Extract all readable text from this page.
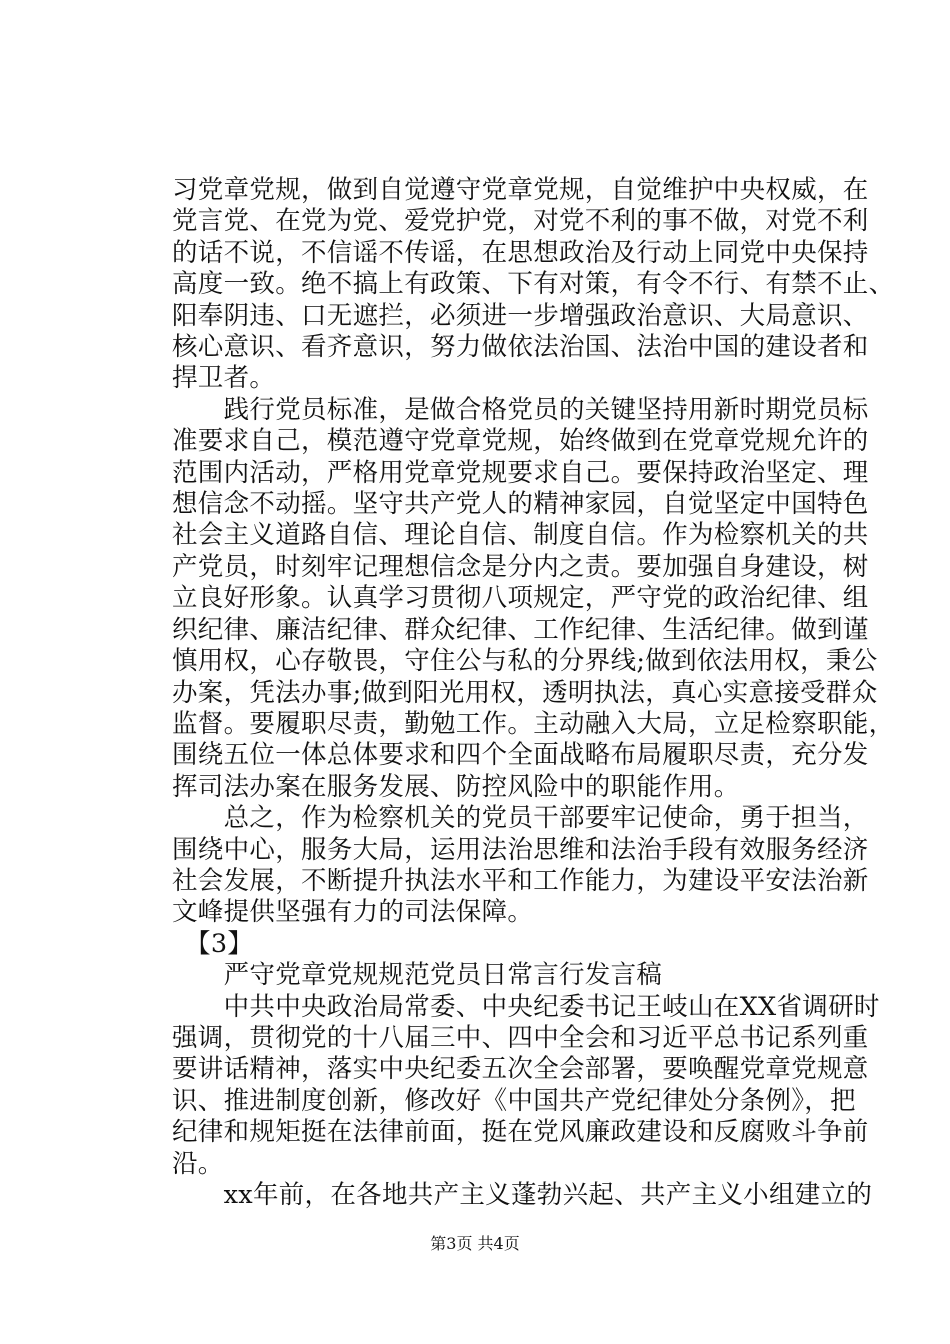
习党章党规，做到自觉遵守党章党规，自觉维护中央权威，在
党言党、在党为党、爱党护党，对党不利的事不做，对党不利
的话不说，不信谣不传谣，在思想政治及行动上同党中央保持
高度一致。绝不搞上有政策、下有对策，有令不行、有禁不止、
阳奉阴违、口无遮拦，必须进一步增强政治意识、大局意识、
核心意识、看齐意识，努力做依法治国、法治中国的建设者和
捍卫者。
　　践行党员标准，是做合格党员的关键坚持用新时期党员标
准要求自己，模范遵守党章党规，始终做到在党章党规允许的
范围内活动，严格用党章党规要求自己。要保持政治坚定、理
想信念不动摇。坚守共产党人的精神家园，自觉坚定中国特色
社会主义道路自信、理论自信、制度自信。作为检察机关的共
产党员，时刻牢记理想信念是分内之责。要加强自身建设，树
立良好形象。认真学习贯彻八项规定，严守党的政治纪律、组
织纪律、廉洁纪律、群众纪律、工作纪律、生活纪律。做到谨
慎用权，心存敬畏，守住公与私的分界线;做到依法用权，秉公
办案，凭法办事;做到阳光用权，透明执法，真心实意接受群众
监督。要履职尽责，勤勉工作。主动融入大局，立足检察职能，
围绕五位一体总体要求和四个全面战略布局履职尽责，充分发
挥司法办案在服务发展、防控风险中的职能作用。
　　总之，作为检察机关的党员干部要牢记使命，勇于担当，
围绕中心，服务大局，运用法治思维和法治手段有效服务经济
社会发展，不断提升执法水平和工作能力，为建设平安法治新
文峰提供坚强有力的司法保障。
　【3】
　　严守党章党规规范党员日常言行发言稿
　　中共中央政治局常委、中央纪委书记王岐山在XX省调研时
强调，贯彻党的十八届三中、四中全会和习近平总书记系列重
要讲话精神，落实中央纪委五次全会部署，要唤醒党章党规意
识、推进制度创新，修改好《中国共产党纪律处分条例》，把
纪律和规矩挺在法律前面，挺在党风廉政建设和反腐败斗争前
沿。
　　xx年前，在各地共产主义蓬勃兴起、共产主义小组建立的
第3页 共4页
